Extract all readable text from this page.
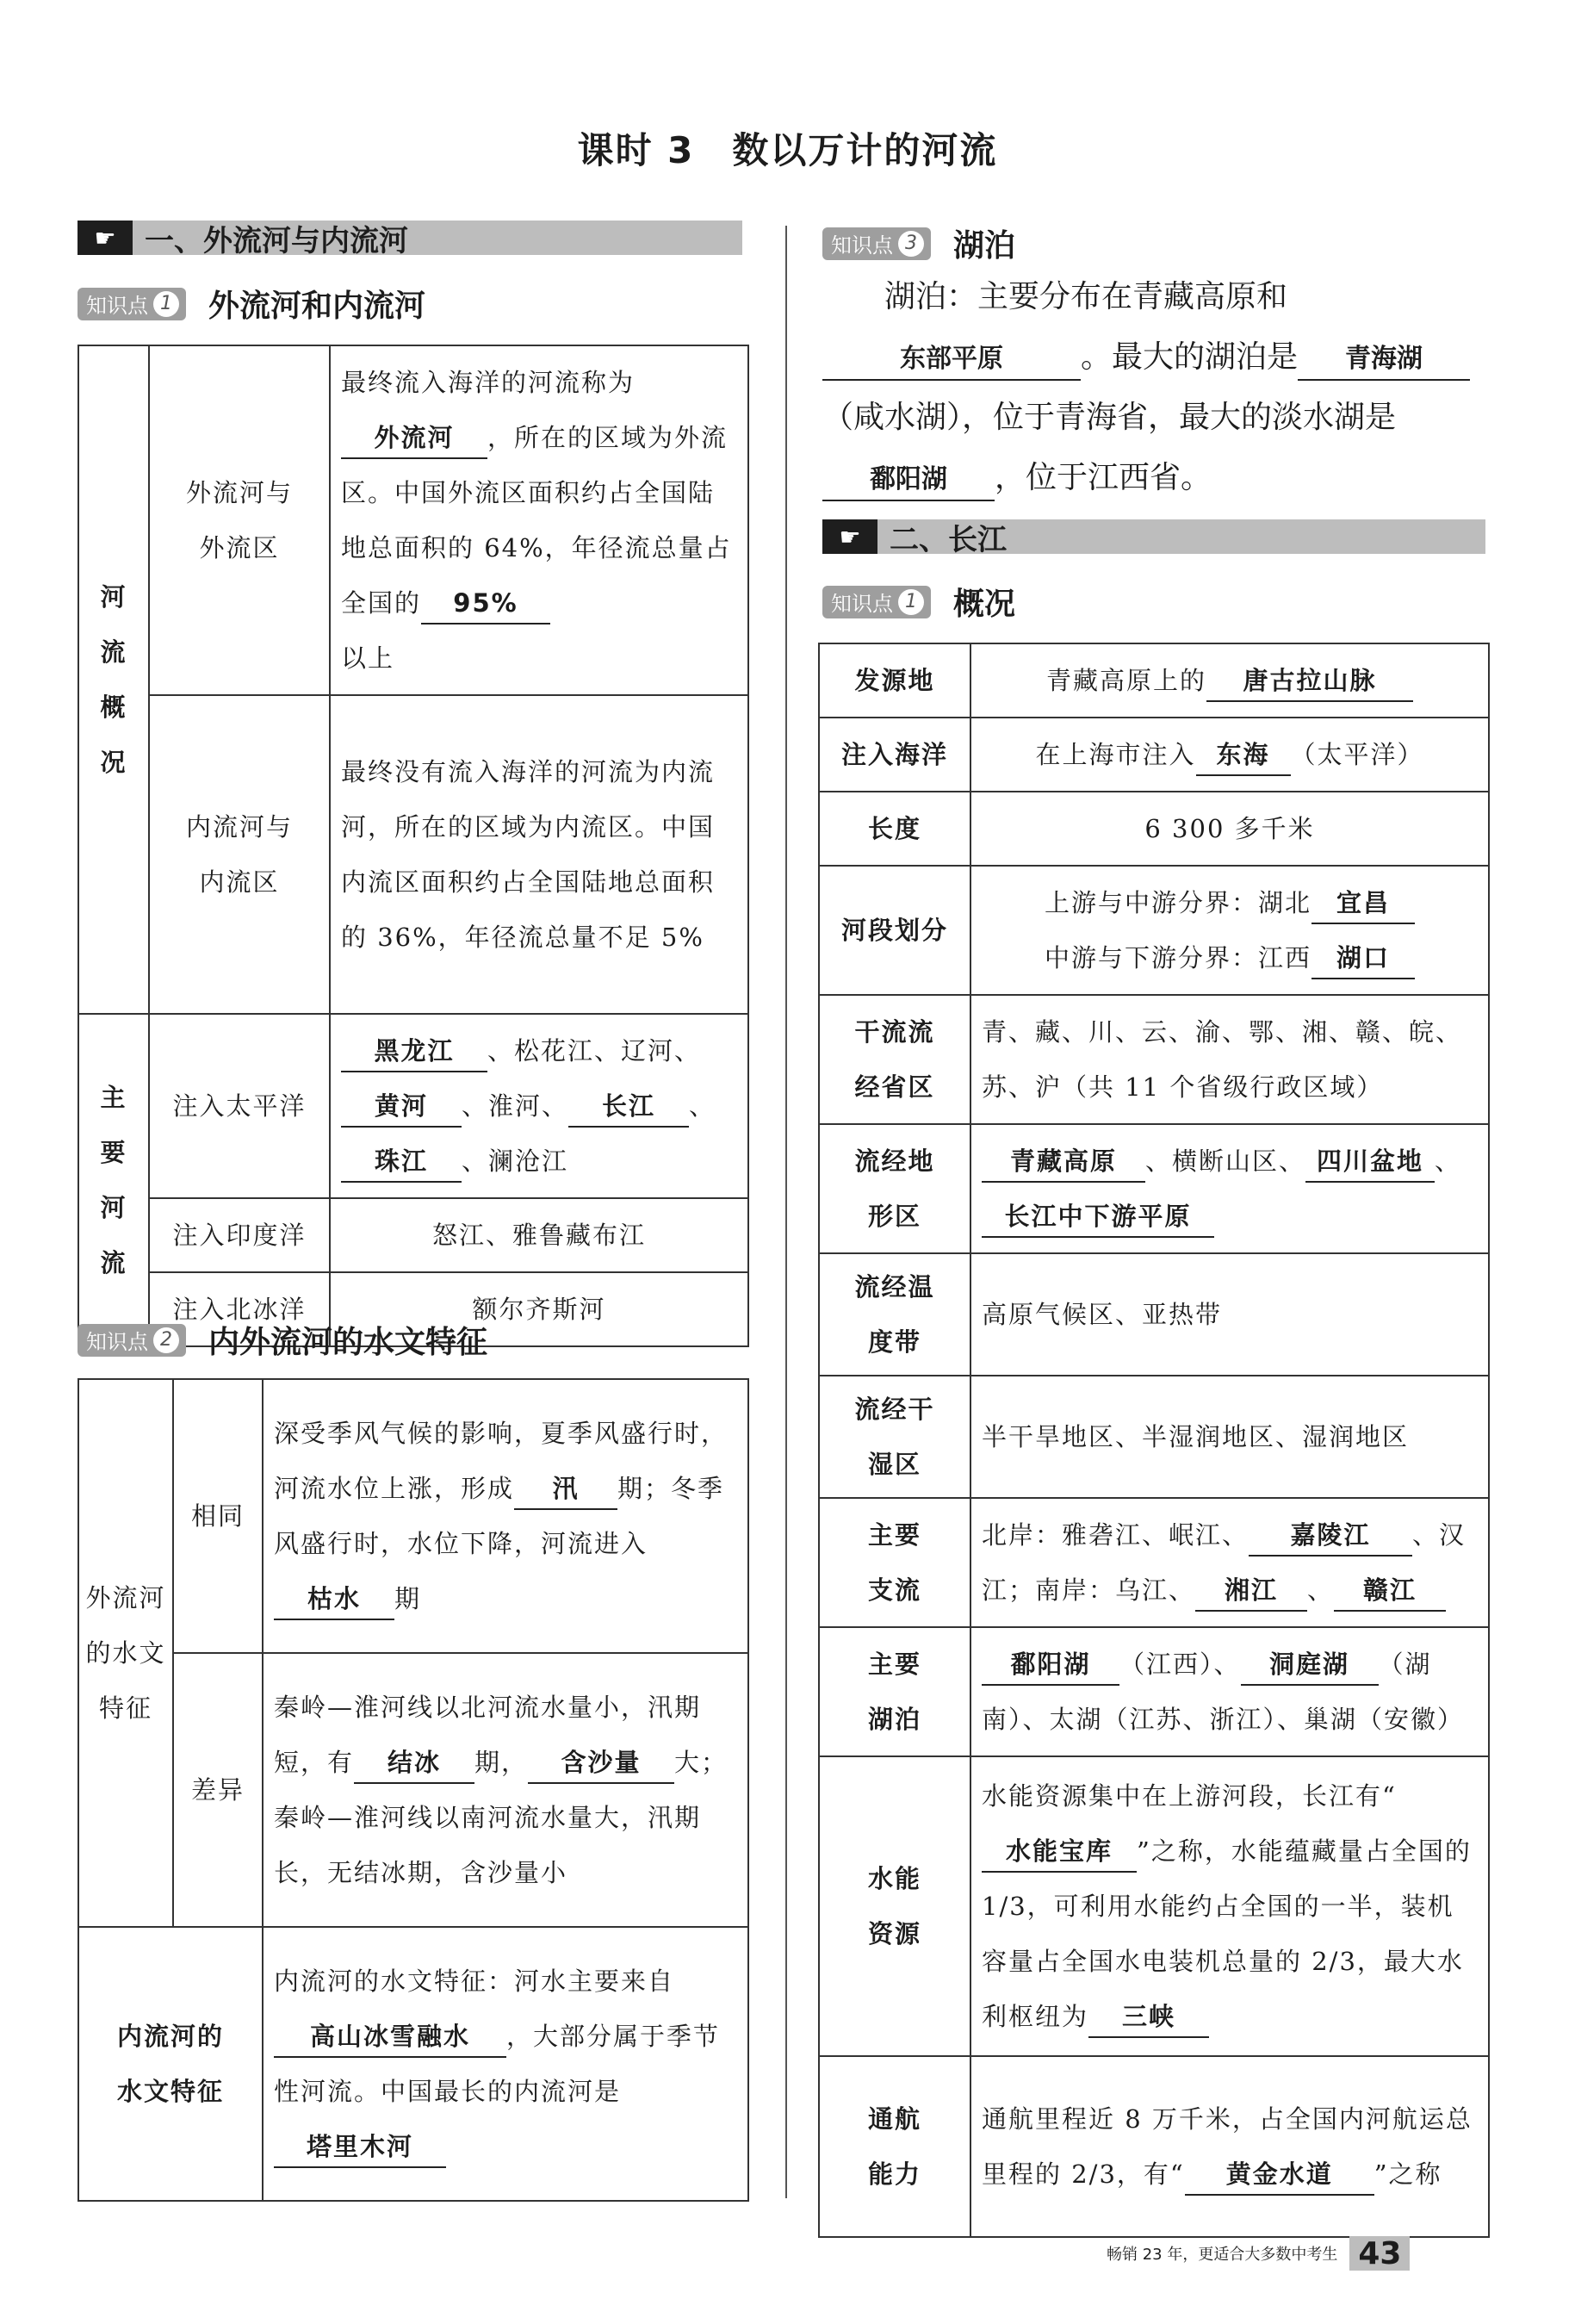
课时 3　数以万计的河流
☛ 一、外流河与内流河
知识点 1 外流河和内流河
河流概况	外流河与外流区	最终流入海洋的河流称为外流河 ，所在的区域为外流区。中国外流区面积约占全国陆地总面积的 64%，年径流总量占全国的 95%
以上
	内流河与内流区	最终没有流入海洋的河流为内流河，所在的区域为内流区。中国内流区面积约占全国陆地总面积的 36%，年径流总量不足 5%
主要河流	注入太平洋	黑龙江 、松花江、辽河、黄河 、淮河、 长江 、珠江 、澜沧江
	注入印度洋	怒江、雅鲁藏布江
	注入北冰洋	额尔齐斯河
知识点 2 内外流河的水文特征
外流河的水文特征	相同	深受季风气候的影响，夏季风盛行时，河流水位上涨，形成 汛 期；冬季风盛行时，水位下降，河流进入枯水 期
	差异	秦岭—淮河线以北河流水量小，汛期短，有 结冰 期， 含沙量 大；秦岭—淮河线以南河流水量大，汛期长，无结冰期，含沙量小
内流河的水文特征		内流河的水文特征：河水主要来自
高山冰雪融水 ，大部分属于季节性河流。中国最长的内流河是
塔里木河
知识点 3 湖泊
湖泊：主要分布在青藏高原和东部平原	。最大的湖泊是 青海湖（咸水湖），位于青海省，最大的淡水湖是鄱阳湖 ，位于江西省。
☛ 二、长江
知识点 1 概况
发源地	青藏高原上的 唐古拉山脉
注入海洋	在上海市注入 东海 （太平洋）
长度	6 300 多千米
河段划分	上游与中游分界：湖北 宜昌
中游与下游分界：江西 湖口
干流流经省区	青、藏、川、云、渝、鄂、湘、赣、皖、苏、沪（共 11 个省级行政区域）
流经地形区	青藏高原 、横断山区、 四川盆地 、长江中下游平原
流经温度带	高原气候区、亚热带
流经干湿区	半干旱地区、半湿润地区、湿润地区
主要支流	北岸：雅砻江、岷江、 嘉陵江 、汉江；南岸：乌江、 湘江 、 赣江
主要湖泊	鄱阳湖 （江西）、 洞庭湖 （湖南）、太湖（江苏、浙江）、巢湖（安徽）
水能资源	水能资源集中在上游河段，长江有“水能宝库 ”之称，水能蕴藏量占全国的 1/3，可利用水能约占全国的一半，装机容量占全国水电装机总量的 2/3，最大水利枢纽为 三峡
通航能力	通航里程近 8 万千米，占全国内河航运总里程的 2/3，有“ 黄金水道 ”之称
畅销 23 年，更适合大多数中考生 43
